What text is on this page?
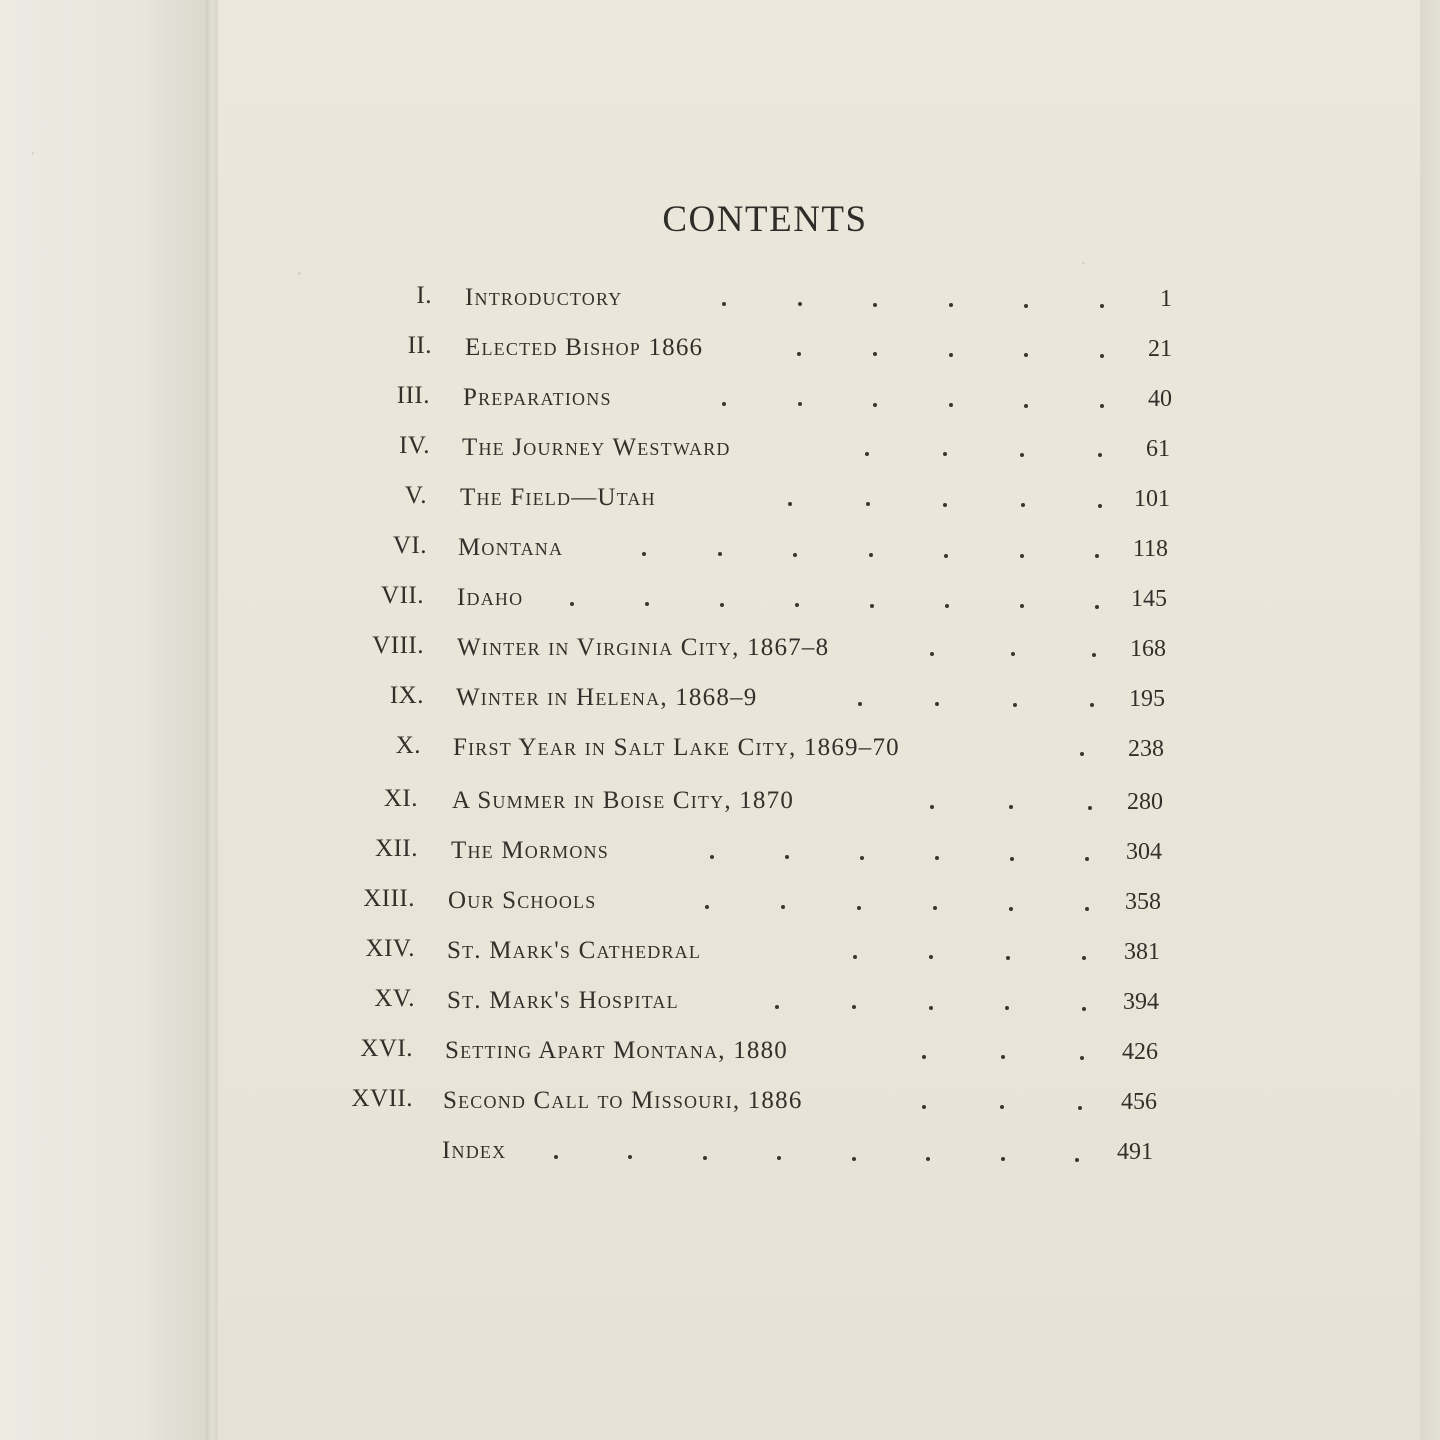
CONTENTS
I. Introductory	1
II. Elected Bishop 1866	21
III. Preparations	40
IV. The Journey Westward	61
V. The Field—Utah	101
VI. Montana	118
VII. Idaho	145
VIII. Winter in Virginia City, 1867–8	168
IX. Winter in Helena, 1868–9	195
X. First Year in Salt Lake City, 1869–70	238
XI. A Summer in Boise City, 1870	280
XII. The Mormons	304
XIII. Our Schools	358
XIV. St. Mark's Cathedral	381
XV. St. Mark's Hospital	394
XVI. Setting Apart Montana, 1880	426
XVII. Second Call to Missouri, 1886	456
Index	491
